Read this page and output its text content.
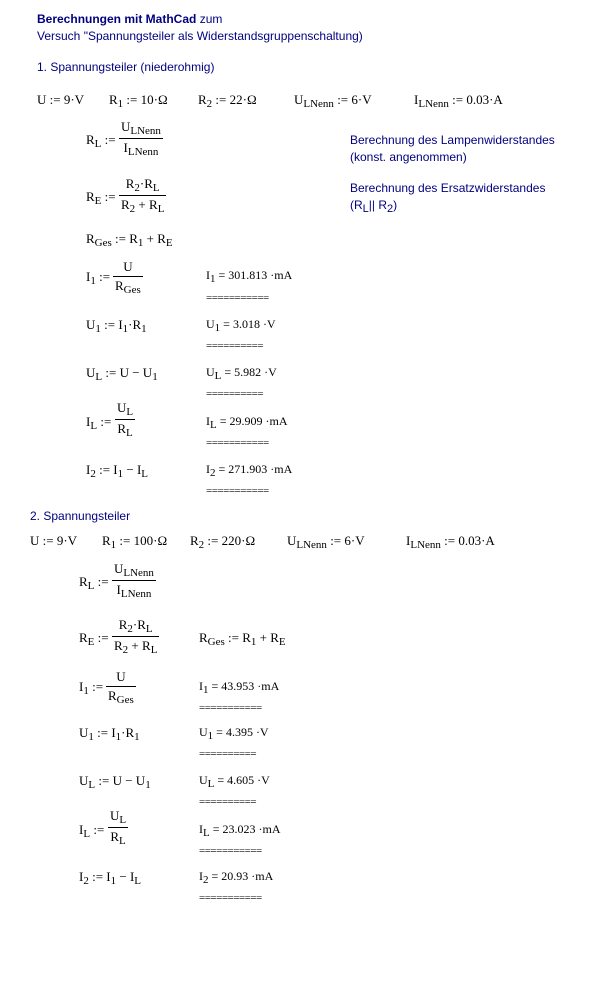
Berechnungen mit MathCad zum
Versuch "Spannungsteiler als Widerstandsgruppenschaltung)
1. Spannungsteiler (niederohmig)
U := 9·V $R_1$ := 10·Ω $R_2$ := 22·Ω	$U_{LNenn}$ := 6·V	$I_{LNenn}$ := 0.03·A
$R_L$ :=
$U_{LNenn}$
$I_{LNenn}$
Berechnung des Lampenwiderstandes
(konst. angenommen)
$R_E$ :=
$R_2\cdot R_L$
$R_2 + R_L$
Berechnung des Ersatzwiderstandes
($R_L||$ $R_2$)
$R_{Ges}$ := $R_1 + R_E$
$I_1$ :=
U
$R_{Ges}$
$I_1 = 301.813 \cdot mA$
===========
$U_1$ := $I_1\cdot R_1$	$U_1 = 3.018 \cdot V$
==========
$U_L$ := $U - U_1$	$U_L = 5.982 \cdot V$
==========
$I_L$ :=
$U_L$
$R_L$
$I_L = 29.909 \cdot mA$
===========
$I_2$ := $I_1 - I_L$	$I_2 = 271.903 \cdot mA$
===========
2. Spannungsteiler
U := 9·V $R_1$ := 100·Ω $R_2$ := 220·Ω $U_{LNenn}$ := 6·V	$I_{LNenn}$ := 0.03·A
$R_L$ :=
$U_{LNenn}$
$I_{LNenn}$
$R_E$ :=
$R_2\cdot R_L$
$R_2 + R_L$
$R_{Ges}$ := $R_1 + R_E$
$I_1$ :=
U
$R_{Ges}$
$I_1 = 43.953 \cdot mA$
===========
$U_1$ := $I_1\cdot R_1$	$U_1 = 4.395 \cdot V$
==========
$U_L$ := $U - U_1$	$U_L = 4.605 \cdot V$
==========
$I_L$ :=
$U_L$
$R_L$
$I_L = 23.023 \cdot mA$
===========
$I_2$ := $I_1 - I_L$	$I_2 = 20.93 \cdot mA$
===========
